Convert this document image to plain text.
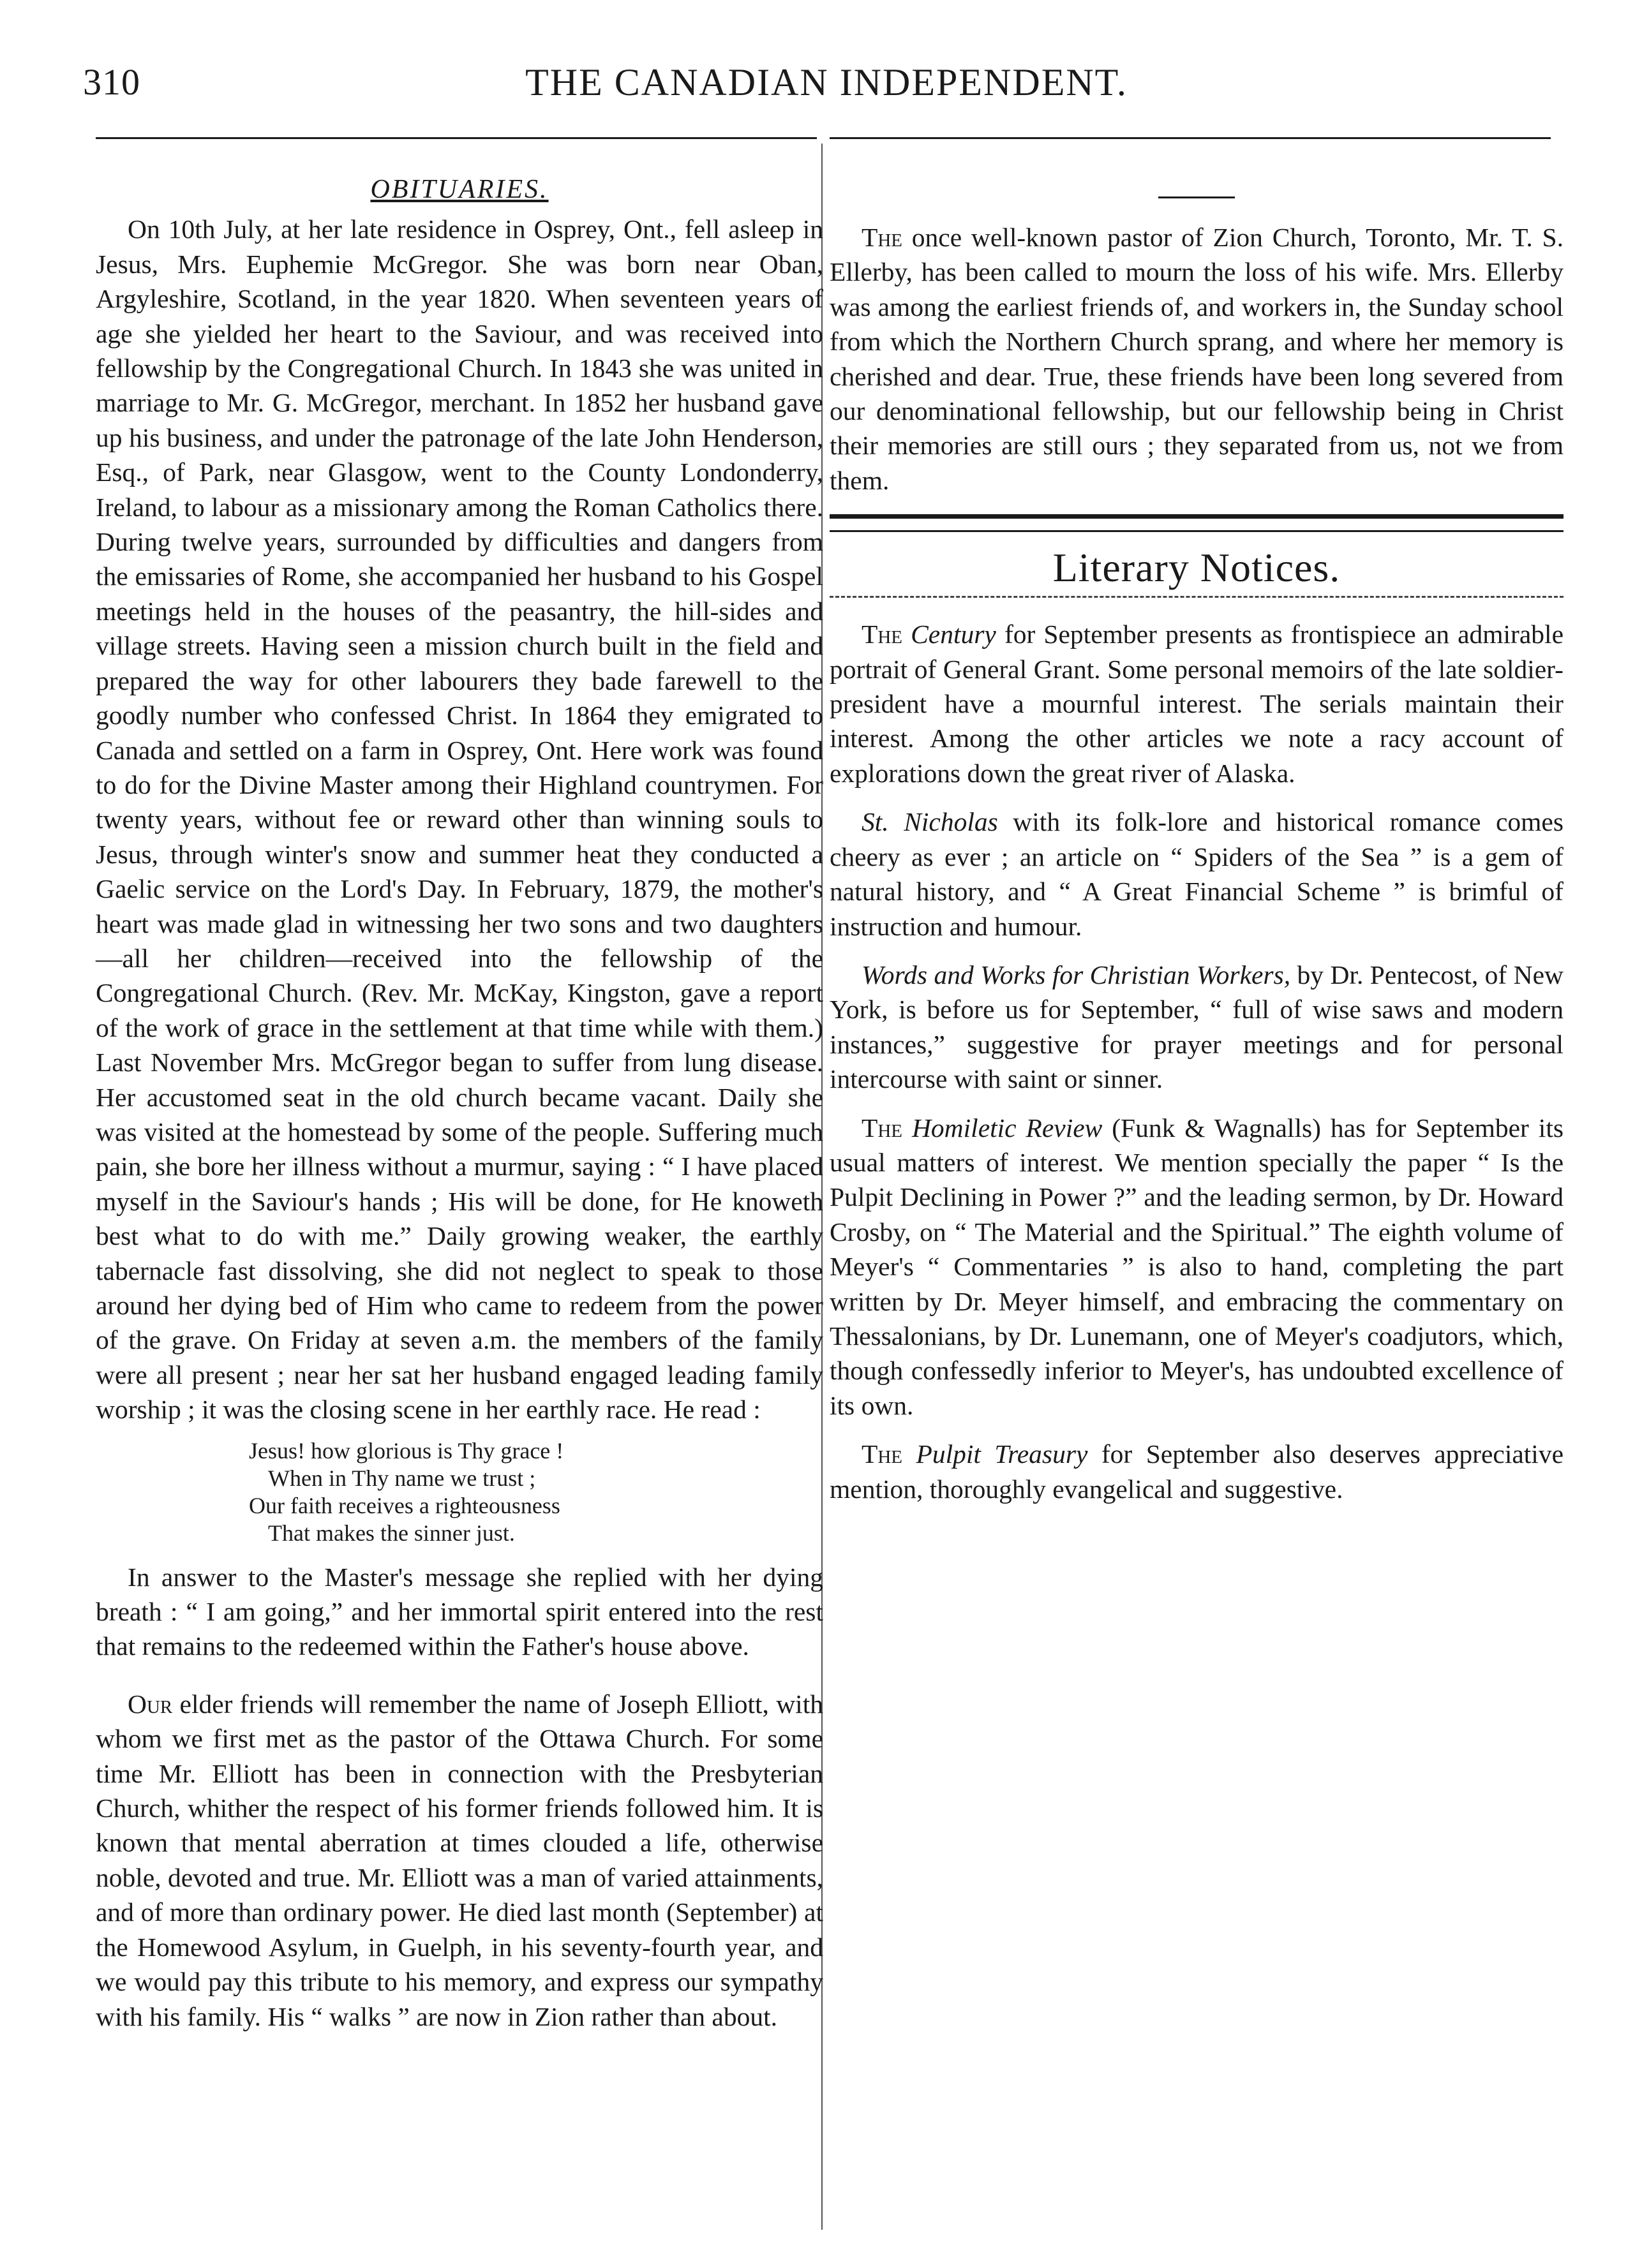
310	THE CANADIAN INDEPENDENT.
OBITUARIES.

On 10th July, at her late residence in Osprey, Ont., fell asleep in Jesus, Mrs. Euphemie McGregor. She was born near Oban, Argyleshire, Scotland, in the year 1820. When seventeen years of age she yielded her heart to the Saviour, and was received into fellowship by the Congregational Church. In 1843 she was united in marriage to Mr. G. McGregor, merchant. In 1852 her husband gave up his business, and under the patronage of the late John Henderson, Esq., of Park, near Glasgow, went to the County Londonderry, Ireland, to labour as a missionary among the Roman Catholics there. During twelve years, surrounded by difficulties and dangers from the emissaries of Rome, she accompanied her husband to his Gospel meetings held in the houses of the peasantry, the hill-sides and village streets. Having seen a mission church built in the field and prepared the way for other labourers they bade farewell to the goodly number who confessed Christ. In 1864 they emigrated to Canada and settled on a farm in Osprey, Ont. Here work was found to do for the Divine Master among their Highland countrymen. For twenty years, without fee or reward other than winning souls to Jesus, through winter's snow and summer heat they conducted a Gaelic service on the Lord's Day. In February, 1879, the mother's heart was made glad in witnessing her two sons and two daughters—all her children—received into the fellowship of the Congregational Church. (Rev. Mr. McKay, Kingston, gave a report of the work of grace in the settlement at that time while with them.) Last November Mrs. McGregor began to suffer from lung disease. Her accustomed seat in the old church became vacant. Daily she was visited at the homestead by some of the people. Suffering much pain, she bore her illness without a murmur, saying : “ I have placed myself in the Saviour's hands ; His will be done, for He knoweth best what to do with me.” Daily growing weaker, the earthly tabernacle fast dissolving, she did not neglect to speak to those around her dying bed of Him who came to redeem from the power of the grave. On Friday at seven a.m. the members of the family were all present ; near her sat her husband engaged leading family worship ; it was the closing scene in her earthly race. He read :

Jesus! how glorious is Thy grace !
When in Thy name we trust ;
Our faith receives a righteousness
That makes the sinner just.

In answer to the Master's message she replied with her dying breath : “ I am going,” and her immortal spirit entered into the rest that remains to the redeemed within the Father's house above.

Our elder friends will remember the name of Joseph Elliott, with whom we first met as the pastor of the Ottawa Church. For some time Mr. Elliott has been in connection with the Presbyterian Church, whither the respect of his former friends followed him. It is known that mental aberration at times clouded a life, otherwise noble, devoted and true. Mr. Elliott was a man of varied attainments, and of more than ordinary power. He died last month (September) at the Homewood Asylum, in Guelph, in his seventy-fourth year, and we would pay this tribute to his memory, and express our sympathy with his family. His “ walks ” are now in Zion rather than about.

The once well-known pastor of Zion Church, Toronto, Mr. T. S. Ellerby, has been called to mourn the loss of his wife. Mrs. Ellerby was among the earliest friends of, and workers in, the Sunday school from which the Northern Church sprang, and where her memory is cherished and dear. True, these friends have been long severed from our denominational fellowship, but our fellowship being in Christ their memories are still ours ; they separated from us, not we from them.

Literary Notices.

The Century for September presents as frontispiece an admirable portrait of General Grant. Some personal memoirs of the late soldier-president have a mournful interest. The serials maintain their interest. Among the other articles we note a racy account of explorations down the great river of Alaska.

St. Nicholas with its folk-lore and historical romance comes cheery as ever ; an article on “ Spiders of the Sea ” is a gem of natural history, and “ A Great Financial Scheme ” is brimful of instruction and humour.

Words and Works for Christian Workers, by Dr. Pentecost, of New York, is before us for September, “ full of wise saws and modern instances,” suggestive for prayer meetings and for personal intercourse with saint or sinner.

The Homiletic Review (Funk & Wagnalls) has for September its usual matters of interest. We mention specially the paper “ Is the Pulpit Declining in Power ?” and the leading sermon, by Dr. Howard Crosby, on “ The Material and the Spiritual.” The eighth volume of Meyer's “ Commentaries ” is also to hand, completing the part written by Dr. Meyer himself, and embracing the commentary on Thessalonians, by Dr. Lunemann, one of Meyer's coadjutors, which, though confessedly inferior to Meyer's, has undoubted excellence of its own.

The Pulpit Treasury for September also deserves appreciative mention, thoroughly evangelical and suggestive.
